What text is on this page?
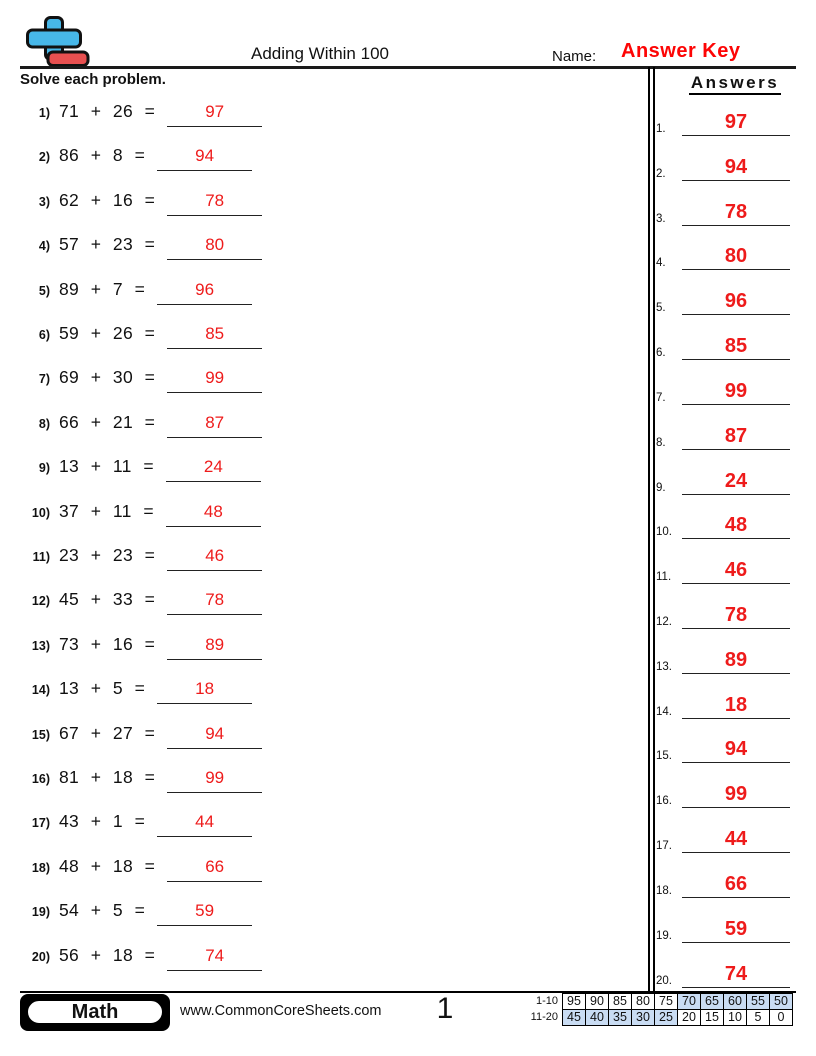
Adding Within 100	Name: Answer Key
Solve each problem.
1) 71 + 26 =	97
2) 86 + 8 =	94
3) 62 + 16 =	78
4) 57 + 23 =	80
5) 89 + 7 =	96
6) 59 + 26 =	85
7) 69 + 30 =	99
8) 66 + 21 =	87
9) 13 + 11 =	24
10) 37 + 11 =	48
11) 23 + 23 =	46
12) 45 + 33 =	78
13) 73 + 16 =	89
14) 13 + 5 =	18
15) 67 + 27 =	94
16) 81 + 18 =	99
17) 43 + 1 =	44
18) 48 + 18 =	66
19) 54 + 5 =	59
20) 56 + 18 =	74
Answers
1.	97
2.	94
3.	78
4.	80
5.	96
6.	85
7.	99
8.	87
9.	24
10.	48
11.	46
12.	78
13.	89
14.	18
15.	94
16.	99
17.	44
18.	66
19.	59
20.	74
Math	www.CommonCoreSheets.com	1	1-10 95 90 85 80 75 70 65 60 55 50
11-20 45 40 35 30 25 20 15 10	5	0
